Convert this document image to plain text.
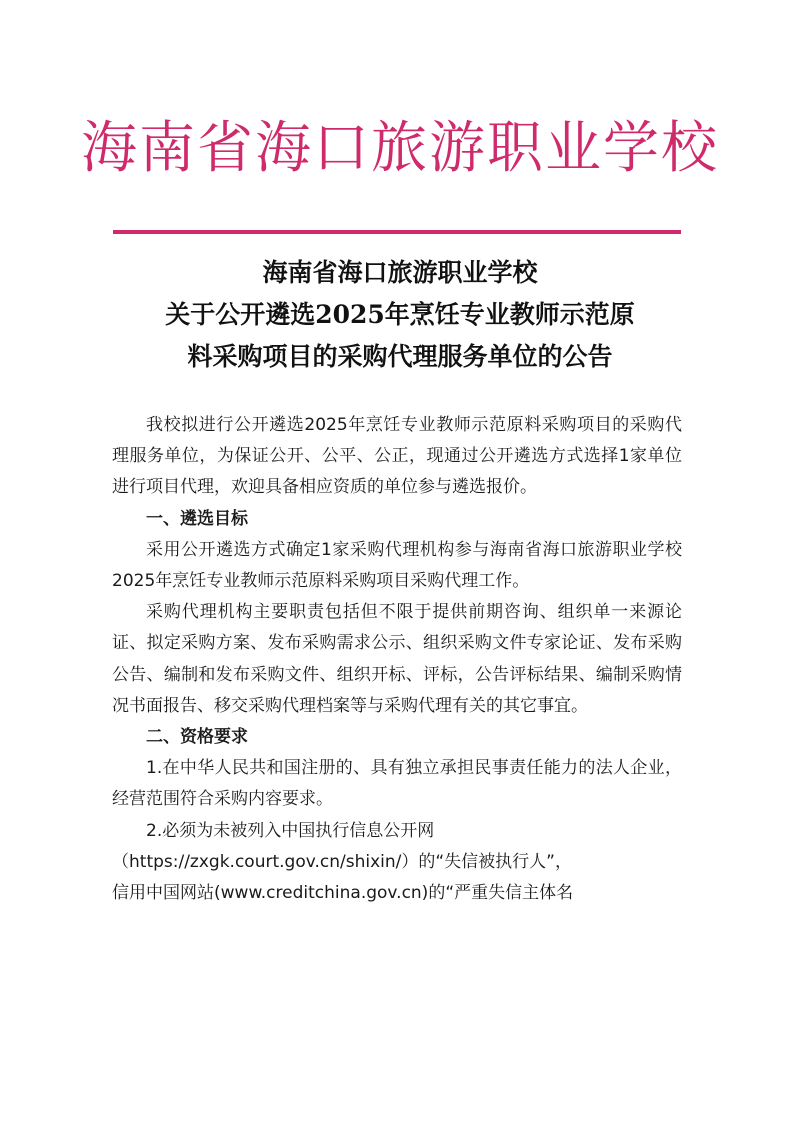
海南省海口旅游职业学校
海南省海口旅游职业学校
关于公开遴选2025年烹饪专业教师示范原
料采购项目的采购代理服务单位的公告

我校拟进行公开遴选2025年烹饪专业教师示范原料采购项目的采购代理服务单位，为保证公开、公平、公正，现通过公开遴选方式选择1家单位进行项目代理，欢迎具备相应资质的单位参与遴选报价。

一、遴选目标

采用公开遴选方式确定1家采购代理机构参与海南省海口旅游职业学校2025年烹饪专业教师示范原料采购项目采购代理工作。

采购代理机构主要职责包括但不限于提供前期咨询、组织单一来源论证、拟定采购方案、发布采购需求公示、组织采购文件专家论证、发布采购公告、编制和发布采购文件、组织开标、评标，公告评标结果、编制采购情况书面报告、移交采购代理档案等与采购代理有关的其它事宜。

二、资格要求

1.在中华人民共和国注册的、具有独立承担民事责任能力的法人企业，经营范围符合采购内容要求。

2.必须为未被列入中国执行信息公开网

（https://zxgk.court.gov.cn/shixin/）的“失信被执行人”，

信用中国网站(www.creditchina.gov.cn)的“严重失信主体名
